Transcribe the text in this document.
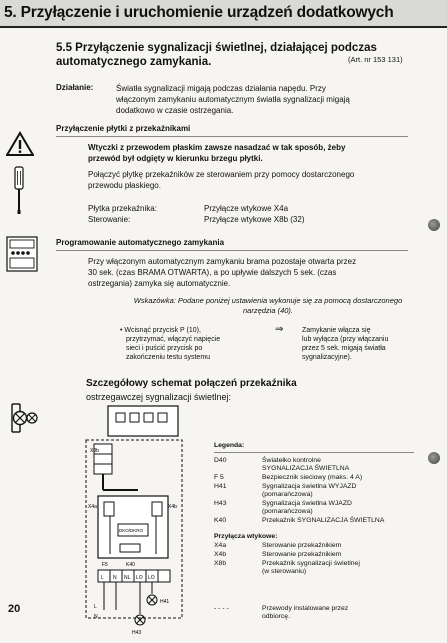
5. Przyłączenie i uruchomienie urządzeń dodatkowych
5.5 Przyłączenie sygnalizacji świetlnej, działającej podczas automatycznego zamykania.	(Art. nr 153 131)
Działanie:	Światła sygnalizacji migają podczas działania napędu. Przy
włączonym zamykaniu automatycznym światła sygnalizacji migają
dodatkowo w czasie ostrzegania.
Przyłączenie płytki z przekaźnikami
Wtyczki z przewodem płaskim zawsze nasadzać w tak sposób, żeby
przewód był odgięty w kierunku brzegu płytki.
Połączyć płytkę przekaźników ze sterowaniem przy pomocy dostarczonego
przewodu płaskiego.
Płytka przekaźnika:	Przyłącze wtykowe X4a
Sterowanie:	Przyłącze wtykowe X8b (32)
Programowanie automatycznego zamykania
Przy włączonym automatycznym zamykaniu brama pozostaje otwarta przez
30 sek. (czas BRAMA OTWARTA), a po upływie dalszych 5 sek. (czas
ostrzegania) zamyka się automatycznie.
Wskazówka: Podane poniżej ustawienia wykonuje się za pomocą dostarczonego
narzędzia (40).
• Wcisnąć przycisk P (10),
przytrzymać, włączyć napięcie
sieci i puścić przycisk po
zakończeniu testu systemu
⇒	Zamykanie włącza się
lub wyłącza (przy włączaniu
przez 5 sek. migają światła
sygnalizacyjne).
Szczegółowy schemat połączeń przekaźnika
ostrzegawczej sygnalizacji świetlnej:
X8b
X4a	X4b
DKO/DKRO
F5	K40
L N NL LO LO
L
N
H43
H41
Legenda:
D40	Światełko kontrolne
SYGNALIZACJA ŚWIETLNA
F 5	Bezpiecznik sieciowy (maks. 4 A)
H41	Sygnalizacja świetlna WYJAZD
(pomarańczowa)
H43	Sygnalizacja świetlna WJAZD
(pomarańczowa)
K40	Przekaźnik SYGNALIZACJA ŚWIETLNA
Przyłącza wtykowe:
X4a	Sterowanie przekaźnikiem
X4b	Sterowanie przekaźnikiem
X8b	Przekaźnik sygnalizacji świetlnej
(w sterowaniu)
- - - -	Przewody instalowane przez
odbiorcę.
20
